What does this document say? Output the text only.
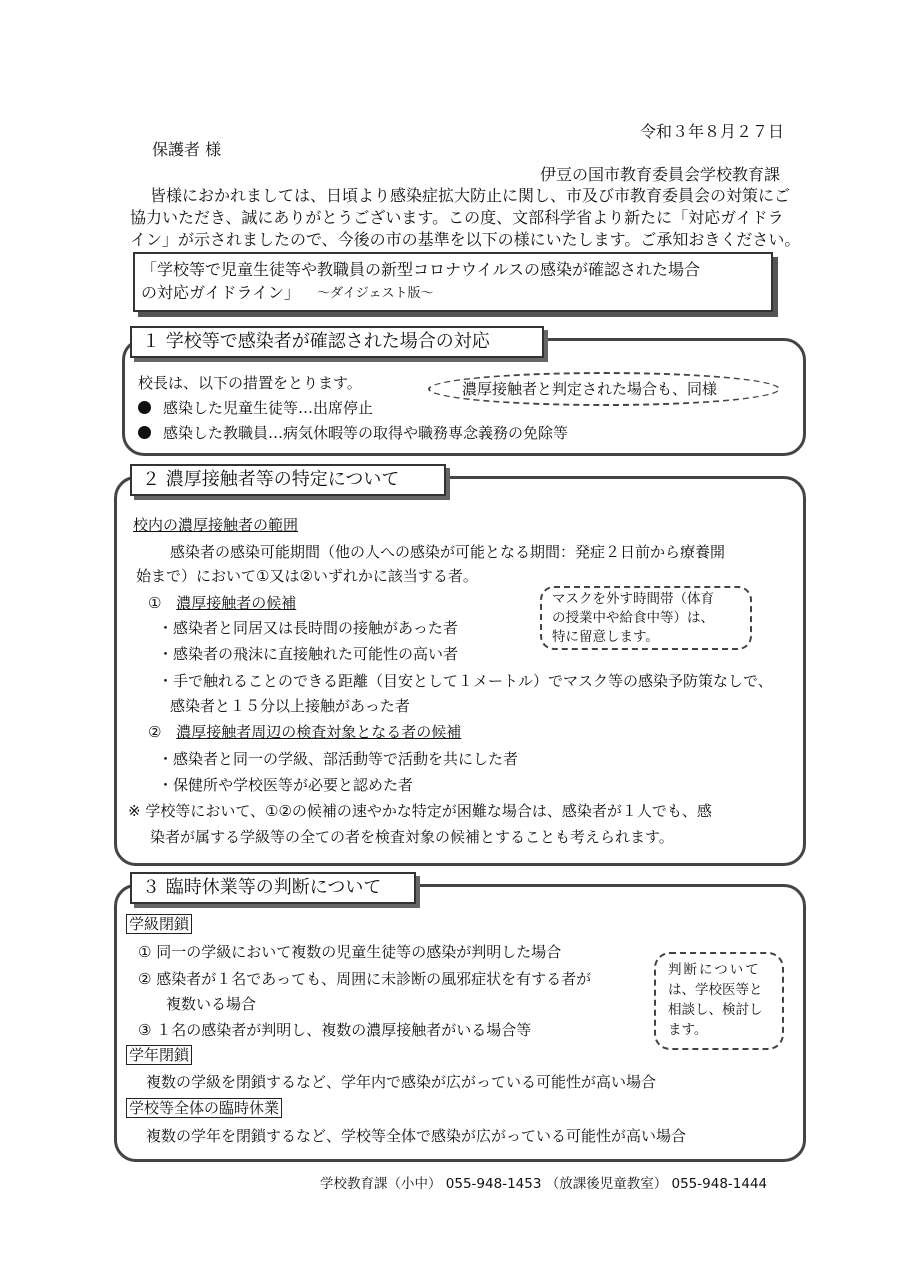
令和３年８月２７日
保護者 様
伊豆の国市教育委員会学校教育課
皆様におかれましては、日頃より感染症拡大防止に関し、市及び市教育委員会の対策にご
協力いただき、誠にありがとうございます。この度、文部科学省より新たに「対応ガイドラ
イン」が示されましたので、今後の市の基準を以下の様にいたします。ご承知おきください。
「学校等で児童生徒等や教職員の新型コロナウイルスの感染が確認された場合
の対応ガイドライン」 ～ダイジェスト版～
１ 学校等で感染者が確認された場合の対応
校長は、以下の措置をとります。	濃厚接触者と判定された場合も、同様
感染した児童生徒等…出席停止
感染した教職員…病気休暇等の取得や職務専念義務の免除等
２ 濃厚接触者等の特定について
校内の濃厚接触者の範囲
感染者の感染可能期間（他の人への感染が可能となる期間：発症２日前から療養開
始まで）において①又は②いずれかに該当する者。
① 濃厚接触者の候補
・感染者と同居又は長時間の接触があった者
・感染者の飛沫に直接触れた可能性の高い者
・手で触れることのできる距離（目安として１メートル）でマスク等の感染予防策なしで、
感染者と１５分以上接触があった者
マスクを外す時間帯（体育
の授業中や給食中等）は、
特に留意します。
② 濃厚接触者周辺の検査対象となる者の候補
・感染者と同一の学級、部活動等で活動を共にした者
・保健所や学校医等が必要と認めた者
※ 学校等において、①②の候補の速やかな特定が困難な場合は、感染者が１人でも、感
染者が属する学級等の全ての者を検査対象の候補とすることも考えられます。
３ 臨時休業等の判断について
学級閉鎖
① 同一の学級において複数の児童生徒等の感染が判明した場合
② 感染者が１名であっても、周囲に未診断の風邪症状を有する者が
複数いる場合
③ １名の感染者が判明し、複数の濃厚接触者がいる場合等
判断について
は、学校医等と
相談し、検討し
ます。
学年閉鎖
複数の学級を閉鎖するなど、学年内で感染が広がっている可能性が高い場合
学校等全体の臨時休業
複数の学年を閉鎖するなど、学校等全体で感染が広がっている可能性が高い場合
学校教育課（小中） 055-948-1453 （放課後児童教室） 055-948-1444
